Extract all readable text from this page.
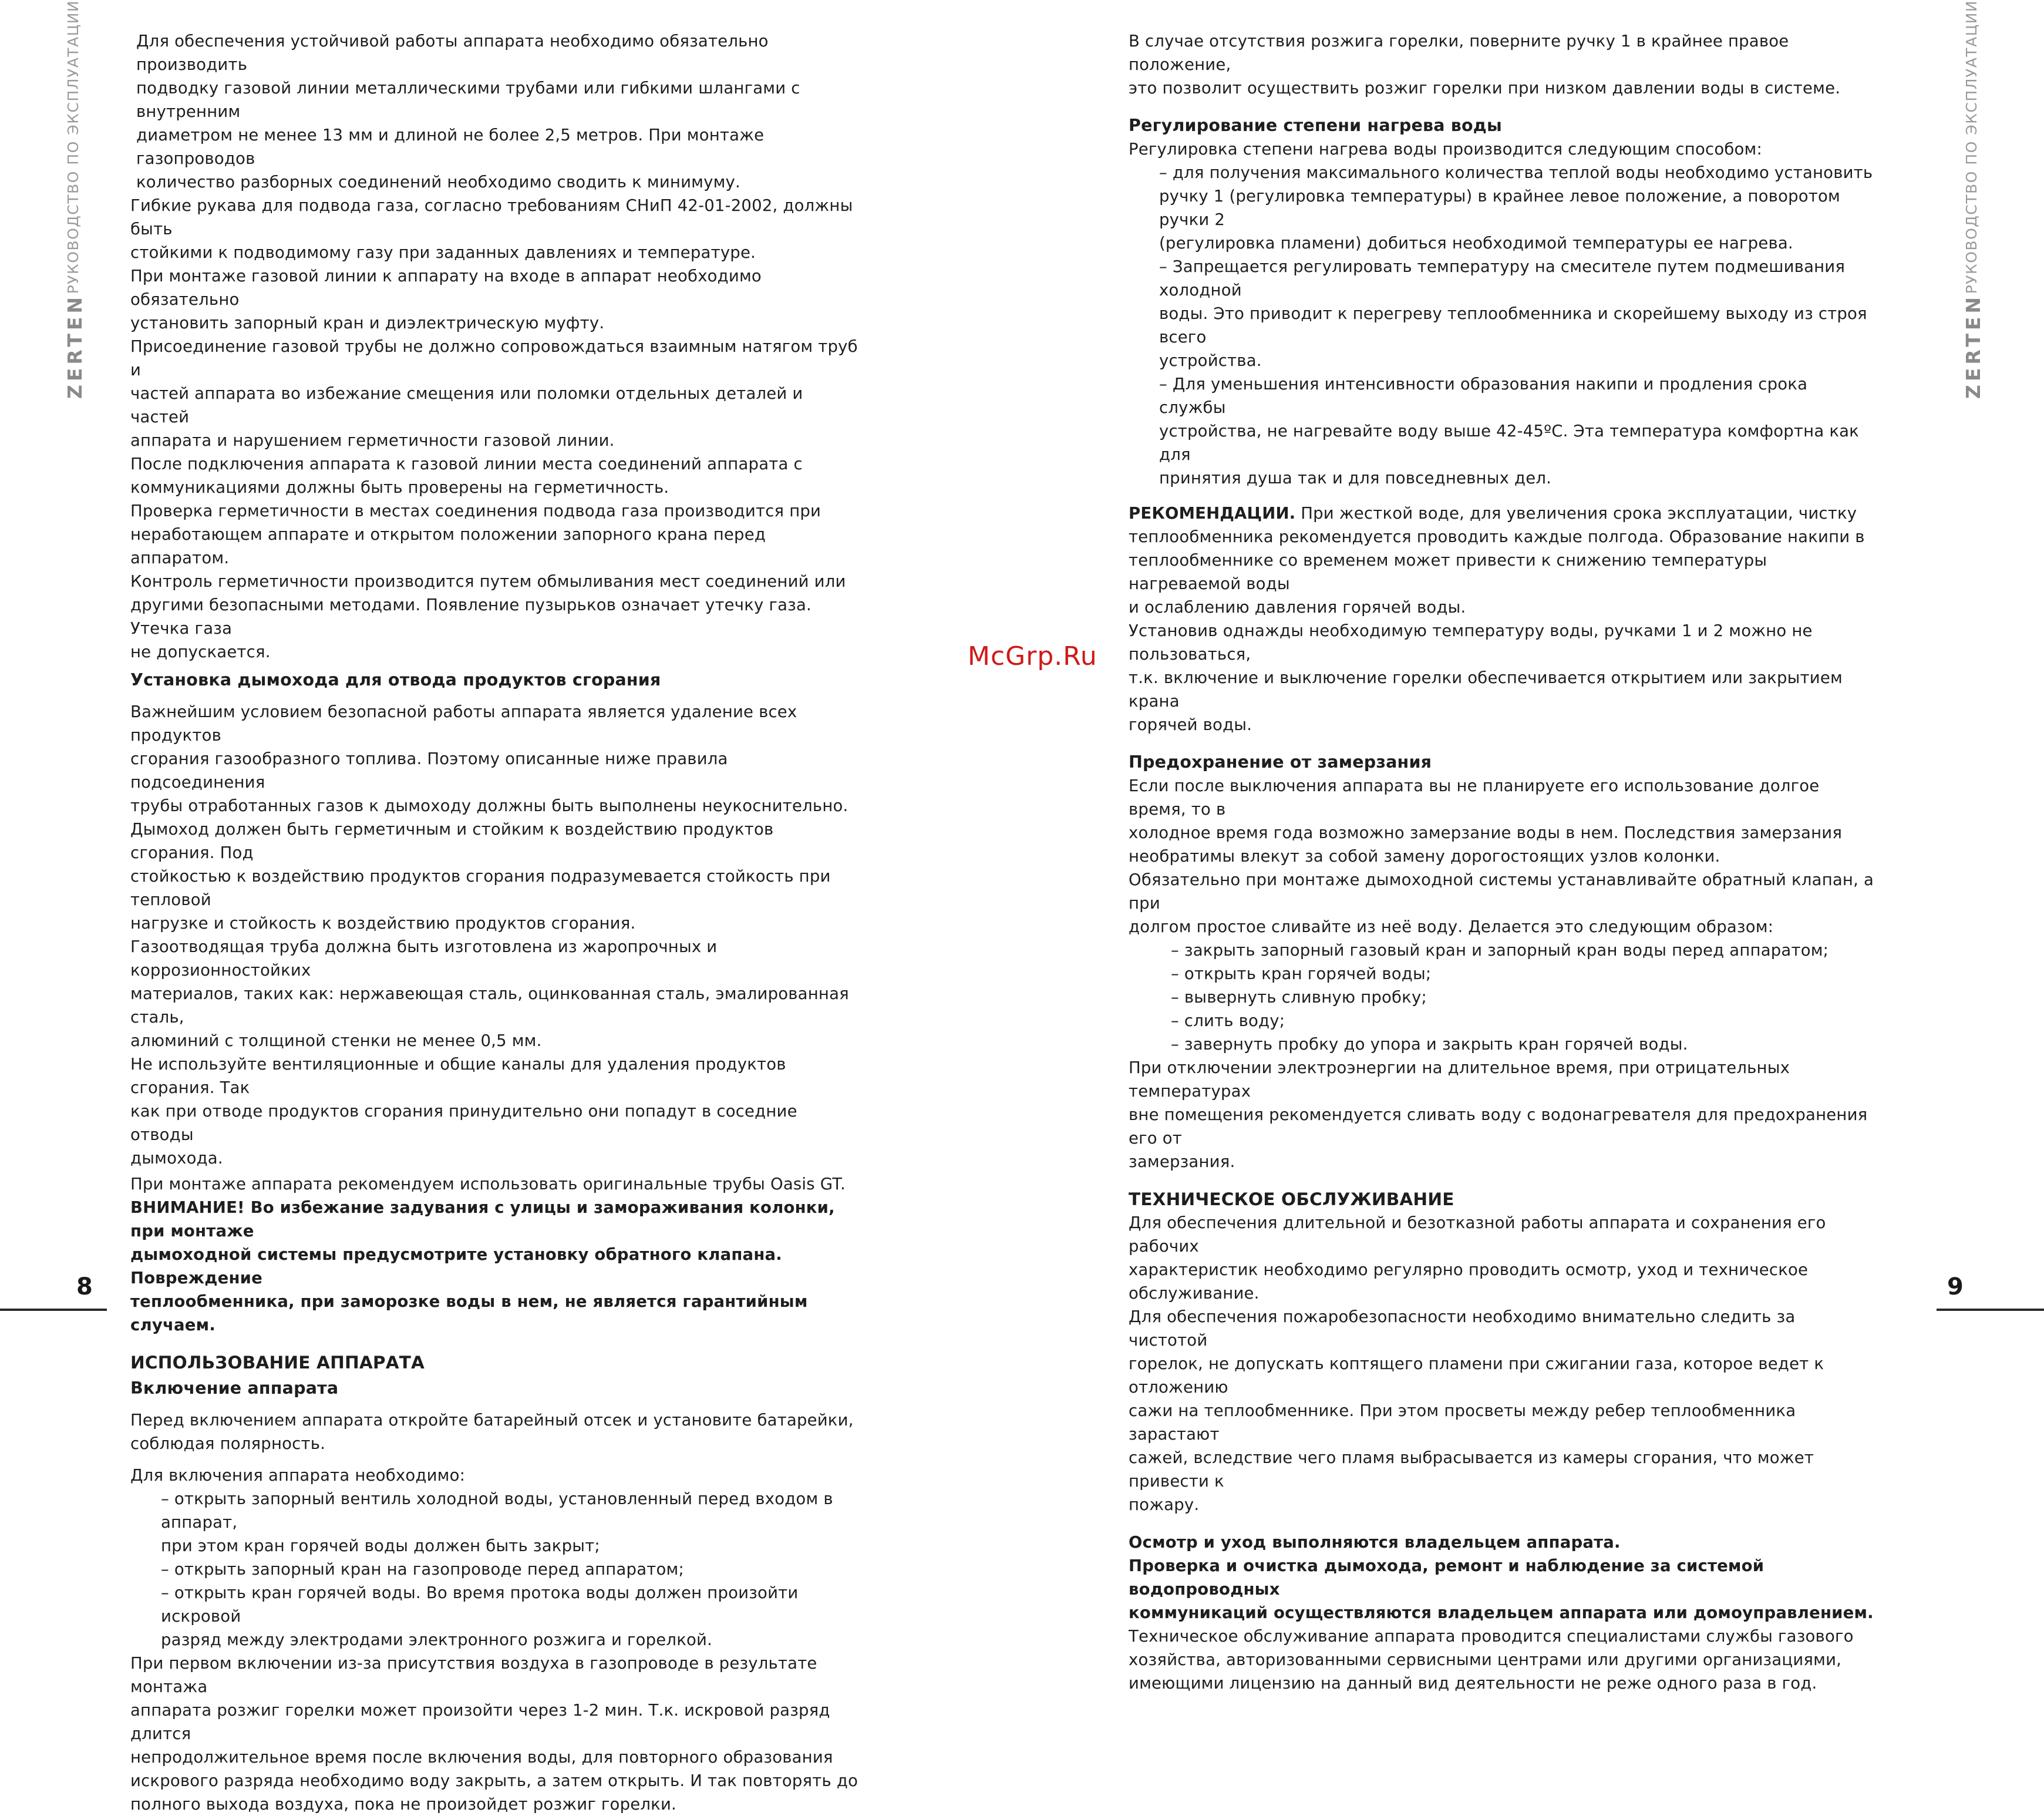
РУКОВОДСТВО ПО ЭКСПЛУАТАЦИИ
ZERTEN
РУКОВОДСТВО ПО ЭКСПЛУАТАЦИИ
ZERTEN

Для обеспечения устойчивой работы аппарата необходимо обязательно производить
подводку газовой линии металлическими трубами или гибкими шлангами с внутренним
диаметром не менее 13 мм и длиной не более 2,5 метров. При монтаже газопроводов
количество разборных соединений необходимо сводить к минимуму.

Гибкие рукава для подвода газа, согласно требованиям СНиП 42-01-2002, должны быть
стойкими к подводимому газу при заданных давлениях и температуре.
При монтаже газовой линии к аппарату на входе в аппарат необходимо обязательно
установить запорный кран и диэлектрическую муфту.
Присоединение газовой трубы не должно сопровождаться взаимным натягом труб и
частей аппарата во избежание смещения или поломки отдельных деталей и частей
аппарата и нарушением герметичности газовой линии.
После подключения аппарата к газовой линии места соединений аппарата с
коммуникациями должны быть проверены на герметичность.
Проверка герметичности в местах соединения подвода газа производится при
неработающем аппарате и открытом положении запорного крана перед аппаратом.
Контроль герметичности производится путем обмыливания мест соединений или
другими безопасными методами. Появление пузырьков означает утечку газа. Утечка газа
не допускается.

Установка дымохода для отвода продуктов сгорания

Важнейшим условием безопасной работы аппарата является удаление всех продуктов
сгорания газообразного топлива. Поэтому описанные ниже правила подсоединения
трубы отработанных газов к дымоходу должны быть выполнены неукоснительно.
Дымоход должен быть герметичным и стойким к воздействию продуктов сгорания. Под
стойкостью к воздействию продуктов сгорания подразумевается стойкость при тепловой
нагрузке и стойкость к воздействию продуктов сгорания.
Газоотводящая труба должна быть изготовлена из жаропрочных и коррозионностойких
материалов, таких как: нержавеющая сталь, оцинкованная сталь, эмалированная сталь,
алюминий с толщиной стенки не менее 0,5 мм.
Не используйте вентиляционные и общие каналы для удаления продуктов сгорания. Так
как при отводе продуктов сгорания принудительно они попадут в соседние отводы
дымохода.

При монтаже аппарата рекомендуем использовать оригинальные трубы Oasis GT.

ВНИМАНИЕ! Во избежание задувания с улицы и замораживания колонки, при монтаже
дымоходной системы предусмотрите установку обратного клапана. Повреждение
теплообменника, при заморозке воды в нем, не является гарантийным случаем.

ИСПОЛЬЗОВАНИЕ АППАРАТА

Включение аппарата

Перед включением аппарата откройте батарейный отсек и установите батарейки,
соблюдая полярность.

Для включения аппарата необходимо:

– открыть запорный вентиль холодной воды, установленный перед входом в аппарат,
при этом кран горячей воды должен быть закрыт;

– открыть запорный кран на газопроводе перед аппаратом;

– открыть кран горячей воды. Во время протока воды должен произойти искровой
разряд между электродами электронного розжига и горелкой.

При первом включении из-за присутствия воздуха в газопроводе в результате монтажа
аппарата розжиг горелки может произойти через 1-2 мин. Т.к. искровой разряд длится
непродолжительное время после включения воды, для повторного образования
искрового разряда необходимо воду закрыть, а затем открыть. И так повторять до
полного выхода воздуха, пока не произойдет розжиг горелки.

McGrp.Ru

В случае отсутствия розжига горелки, поверните ручку 1 в крайнее правое положение,
это позволит осуществить розжиг горелки при низком давлении воды в системе.

Регулирование степени нагрева воды

Регулировка степени нагрева воды производится следующим способом:

– для получения максимального количества теплой воды необходимо установить
ручку 1 (регулировка температуры) в крайнее левое положение, а поворотом ручки 2
(регулировка пламени) добиться необходимой температуры ее нагрева.

– Запрещается регулировать температуру на смесителе путем подмешивания холодной
воды. Это приводит к перегреву теплообменника и скорейшему выходу из строя всего
устройства.

– Для уменьшения интенсивности образования накипи и продления срока службы
устройства, не нагревайте воду выше 42-45ºС. Эта температура комфортна как для
принятия душа так и для повседневных дел.

РЕКОМЕНДАЦИИ. При жесткой воде, для увеличения срока эксплуатации, чистку
теплообменника рекомендуется проводить каждые полгода. Образование накипи в
теплообменнике со временем может привести к снижению температуры нагреваемой воды
и ослаблению давления горячей воды.

Установив однажды необходимую температуру воды, ручками 1 и 2 можно не пользоваться,
т.к. включение и выключение горелки обеспечивается открытием или закрытием крана
горячей воды.

Предохранение от замерзания

Если после выключения аппарата вы не планируете его использование долгое время, то в
холодное время года возможно замерзание воды в нем. Последствия замерзания
необратимы влекут за собой замену дорогостоящих узлов колонки.
Обязательно при монтаже дымоходной системы устанавливайте обратный клапан, а при
долгом простое сливайте из неё воду. Делается это следующим образом:

– закрыть запорный газовый кран и запорный кран воды перед аппаратом;

– открыть кран горячей воды;

– вывернуть сливную пробку;

– слить воду;

– завернуть пробку до упора и закрыть кран горячей воды.

При отключении электроэнергии на длительное время, при отрицательных температурах
вне помещения рекомендуется сливать воду с водонагревателя для предохранения его от
замерзания.

ТЕХНИЧЕСКОЕ ОБСЛУЖИВАНИЕ

Для обеспечения длительной и безотказной работы аппарата и сохранения его рабочих
характеристик необходимо регулярно проводить осмотр, уход и техническое
обслуживание.
Для обеспечения пожаробезопасности необходимо внимательно следить за чистотой
горелок, не допускать коптящего пламени при сжигании газа, которое ведет к отложению
сажи на теплообменнике. При этом просветы между ребер теплообменника зарастают
сажей, вследствие чего пламя выбрасывается из камеры сгорания, что может привести к
пожару.

Осмотр и уход выполняются владельцем аппарата.

Проверка и очистка дымохода, ремонт и наблюдение за системой водопроводных
коммуникаций осуществляются владельцем аппарата или домоуправлением.

Техническое обслуживание аппарата проводится специалистами службы газового
хозяйства, авторизованными сервисными центрами или другими организациями,
имеющими лицензию на данный вид деятельности не реже одного раза в год.

8	9
